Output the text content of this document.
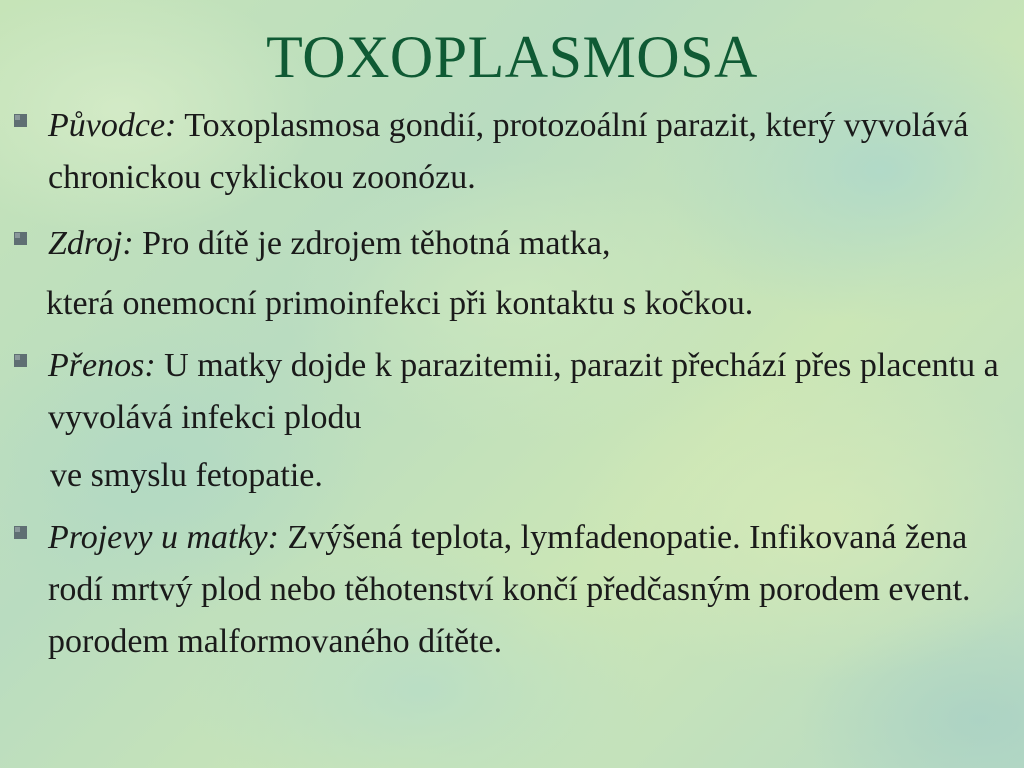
TOXOPLASMOSA
Původce: Toxoplasmosa gondií, protozoální parazit, který vyvolává chronickou cyklickou zoonózu.
Zdroj: Pro dítě je zdrojem těhotná matka,
která onemocní primoinfekci při kontaktu s kočkou.
Přenos: U matky dojde k parazitemii, parazit přechází přes placentu a vyvolává infekci plodu
ve smyslu fetopatie.
Projevy u matky: Zvýšená teplota, lymfadenopatie. Infikovaná žena rodí mrtvý plod nebo těhotenství končí předčasným porodem event. porodem malformovaného dítěte.
